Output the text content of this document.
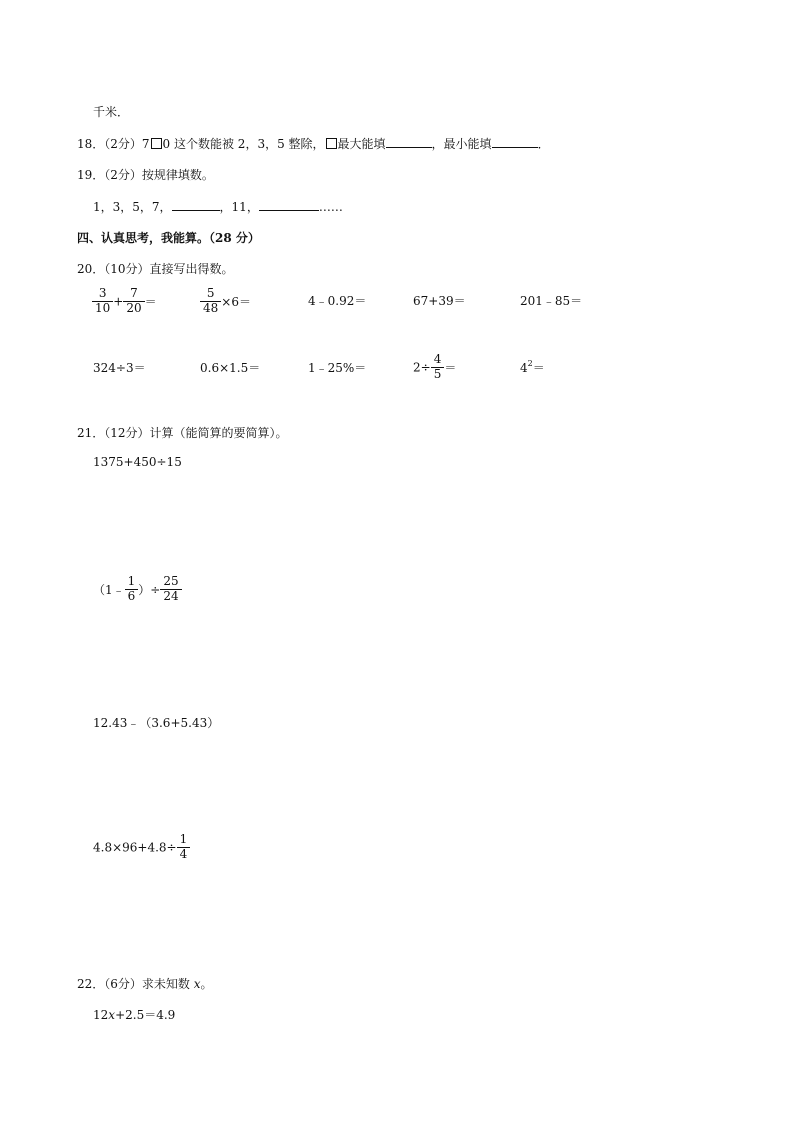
千米．
18．（2分）7 0 这个数能被 2，3，5 整除， 最大能填	，最小能填	．
19．（2分）按规律填数。
1，3，5，7，	，11，	……
四、认真思考，我能算。（28 分）
20．（10分）直接写出得数。
$\frac{3}{10} + \frac{7}{20}$ ＝	$\frac{5}{48} \times 6=$	4﹣0.92＝	67+39＝	201﹣85＝
324÷3＝	0.6×1.5＝	1﹣25%＝	$2\div \frac{4}{5}$ ＝	$4^2=$
21．（12分）计算（能简算的要简算）。
1375+450÷15
（1﹣ $\frac{1}{6}$ ）÷ $\frac{25}{24}$
12.43﹣（3.6+5.43）
$4.8\times 96+4.8\div \frac{1}{4}$
22．（6分）求未知数 x。
12x+2.5＝4.9
